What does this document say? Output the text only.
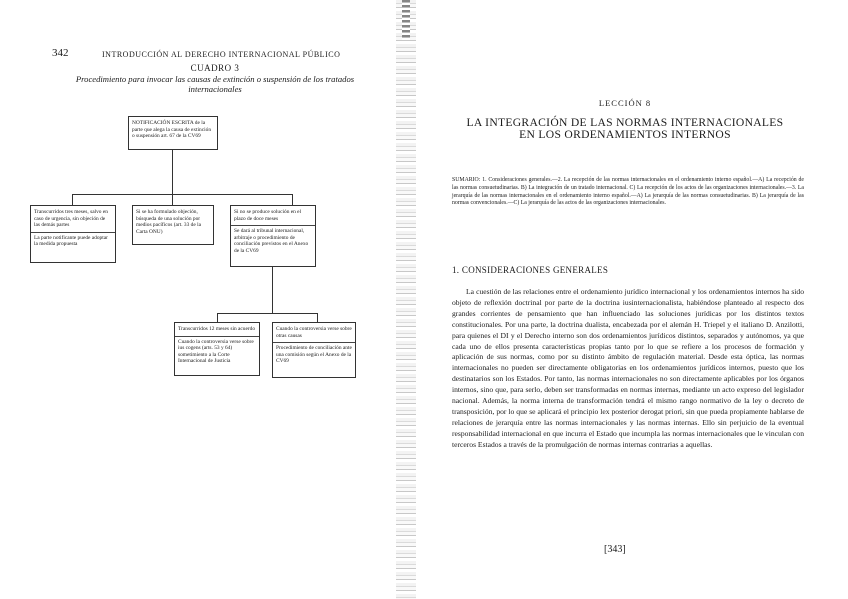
342	INTRODUCCIÓN AL DERECHO INTERNACIONAL PÚBLICO
CUADRO 3
Procedimiento para invocar las causas de extinción o suspensión de los tratados internacionales
NOTIFICACIÓN ESCRITA de la parte que alega la causa de extinción o suspensión art. 67 de la CV69

Transcurridos tres meses, salvo en caso de urgencia, sin objeción de las demás partes

La parte notificante puede adoptar la medida propuesta

Si se ha formulado objeción, búsqueda de una solución por medios pacíficos (art. 33 de la Carta ONU)

Si no se produce solución en el plazo de doce meses

Se dará al tribunal internacional, arbitraje o procedimiento de conciliación previstos en el Anexo de la CV69

Transcurridos 12 meses sin acuerdo

Cuando la controversia verse sobre ius cogens (arts. 53 y 64) sometimiento a la Corte Internacional de Justicia

Cuando la controversia verse sobre otras causas

Procedimiento de conciliación ante una comisión según el Anexo de la CV69

LECCIÓN 8
LA INTEGRACIÓN DE LAS NORMAS INTERNACIONALES EN LOS ORDENAMIENTOS INTERNOS
SUMARIO: 1. Consideraciones generales.—2. La recepción de las normas internacionales en el ordenamiento interno español.—A) La recepción de las normas consuetudinarias. B) La integración de un tratado internacional. C) La recepción de los actos de las organizaciones internacionales.—3. La jerarquía de las normas internacionales en el ordenamiento interno español.—A) La jerarquía de las normas consuetudinarias. B) La jerarquía de las normas convencionales.—C) La jerarquía de las actos de las organizaciones internacionales.
1. CONSIDERACIONES GENERALES

La cuestión de las relaciones entre el ordenamiento jurídico internacional y los ordenamientos internos ha sido objeto de reflexión doctrinal por parte de la doctrina iusinternacionalista, habiéndose planteado al respecto dos grandes corrientes de pensamiento que han influenciado las soluciones jurídicas por los distintos textos constitucionales. Por una parte, la doctrina dualista, encabezada por el alemán H. Triepel y el italiano D. Anzilotti, para quienes el DI y el Derecho interno son dos ordenamientos jurídicos distintos, separados y autónomos, ya que cada uno de ellos presenta características propias tanto por lo que se refiere a los procesos de formación y aplicación de sus normas, como por su distinto ámbito de regulación material. Desde esta óptica, las normas internacionales no pueden ser directamente obligatorias en los ordenamientos jurídicos internos, puesto que los destinatarios son los Estados. Por tanto, las normas internacionales no son directamente aplicables por los órganos internos, sino que, para serlo, deben ser transformadas en normas internas, mediante un acto expreso del legislador nacional. Además, la norma interna de transformación tendrá el mismo rango normativo de la ley o decreto de transposición, por lo que se aplicará el principio lex posterior derogat priori, sin que pueda propiamente hablarse de relaciones de jerarquía entre las normas internacionales y las normas internas. Ello sin perjuicio de la eventual responsabilidad internacional en que incurra el Estado que incumpla las normas internacionales que le vinculan con terceros Estados a través de la promulgación de normas internas contrarias a aquellas.

[343]
